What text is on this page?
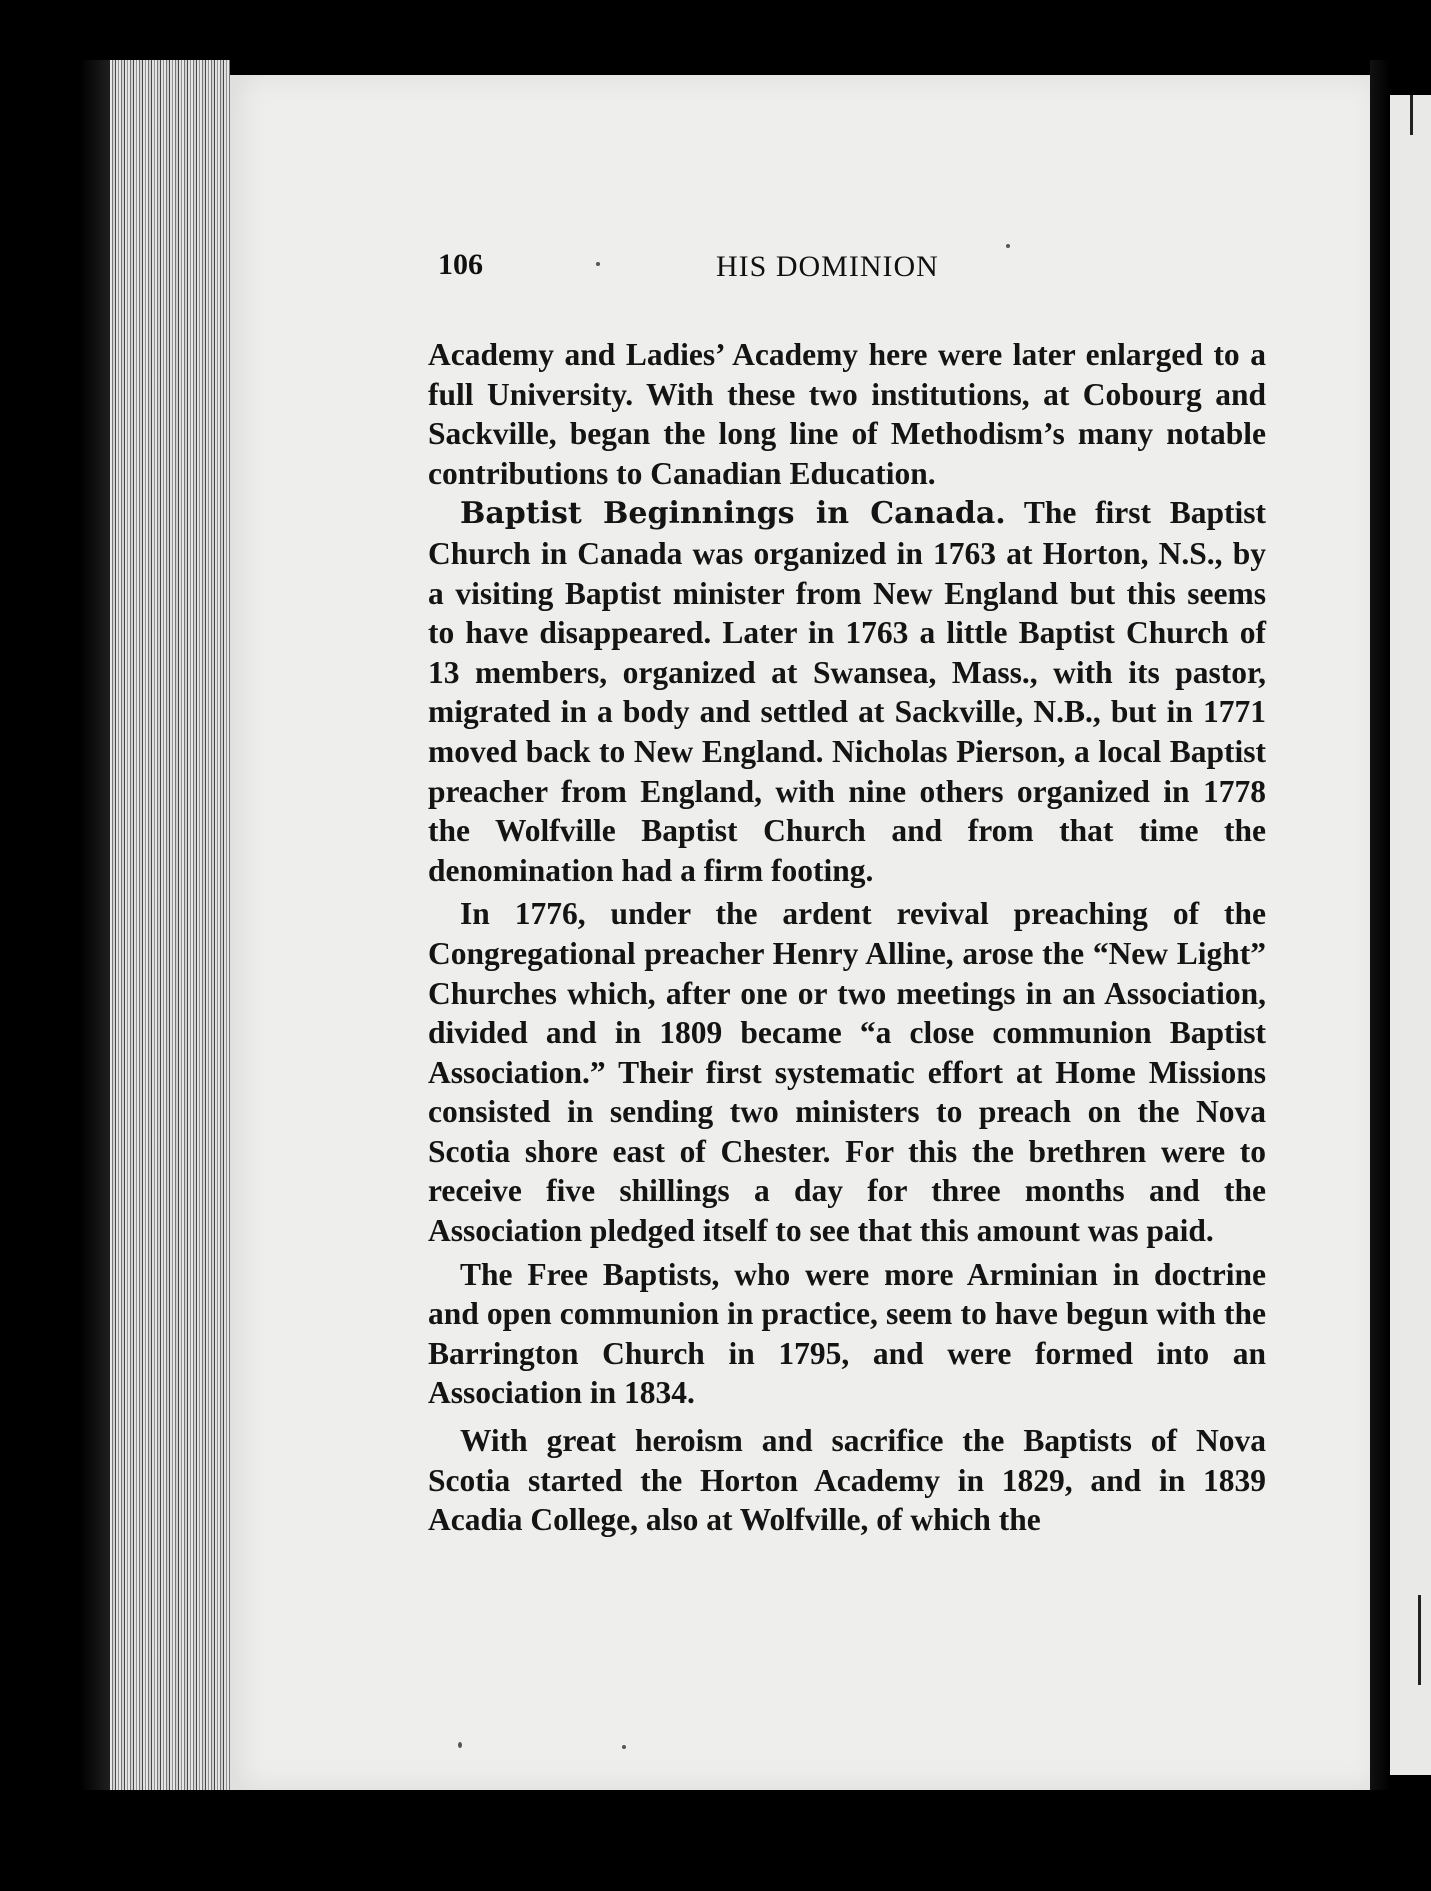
106	HIS DOMINION

Academy and Ladies’ Academy here were later enlarged to a full University. With these two institutions, at Cobourg and Sackville, began the long line of Methodism’s many notable contributions to Canadian Education.

Baptist Beginnings in Canada. The first Baptist Church in Canada was organized in 1763 at Horton, N.S., by a visiting Baptist minister from New England but this seems to have disappeared. Later in 1763 a little Baptist Church of 13 members, organized at Swansea, Mass., with its pastor, migrated in a body and settled at Sackville, N.B., but in 1771 moved back to New England. Nicholas Pierson, a local Baptist preacher from England, with nine others organized in 1778 the Wolfville Baptist Church and from that time the denomination had a firm footing.

In 1776, under the ardent revival preaching of the Congregational preacher Henry Alline, arose the “New Light” Churches which, after one or two meetings in an Association, divided and in 1809 became “a close communion Baptist Association.” Their first systematic effort at Home Missions consisted in sending two ministers to preach on the Nova Scotia shore east of Chester. For this the brethren were to receive five shillings a day for three months and the Association pledged itself to see that this amount was paid.

The Free Baptists, who were more Arminian in doctrine and open communion in practice, seem to have begun with the Barrington Church in 1795, and were formed into an Association in 1834.

With great heroism and sacrifice the Baptists of Nova Scotia started the Horton Academy in 1829, and in 1839 Acadia College, also at Wolfville, of which the
